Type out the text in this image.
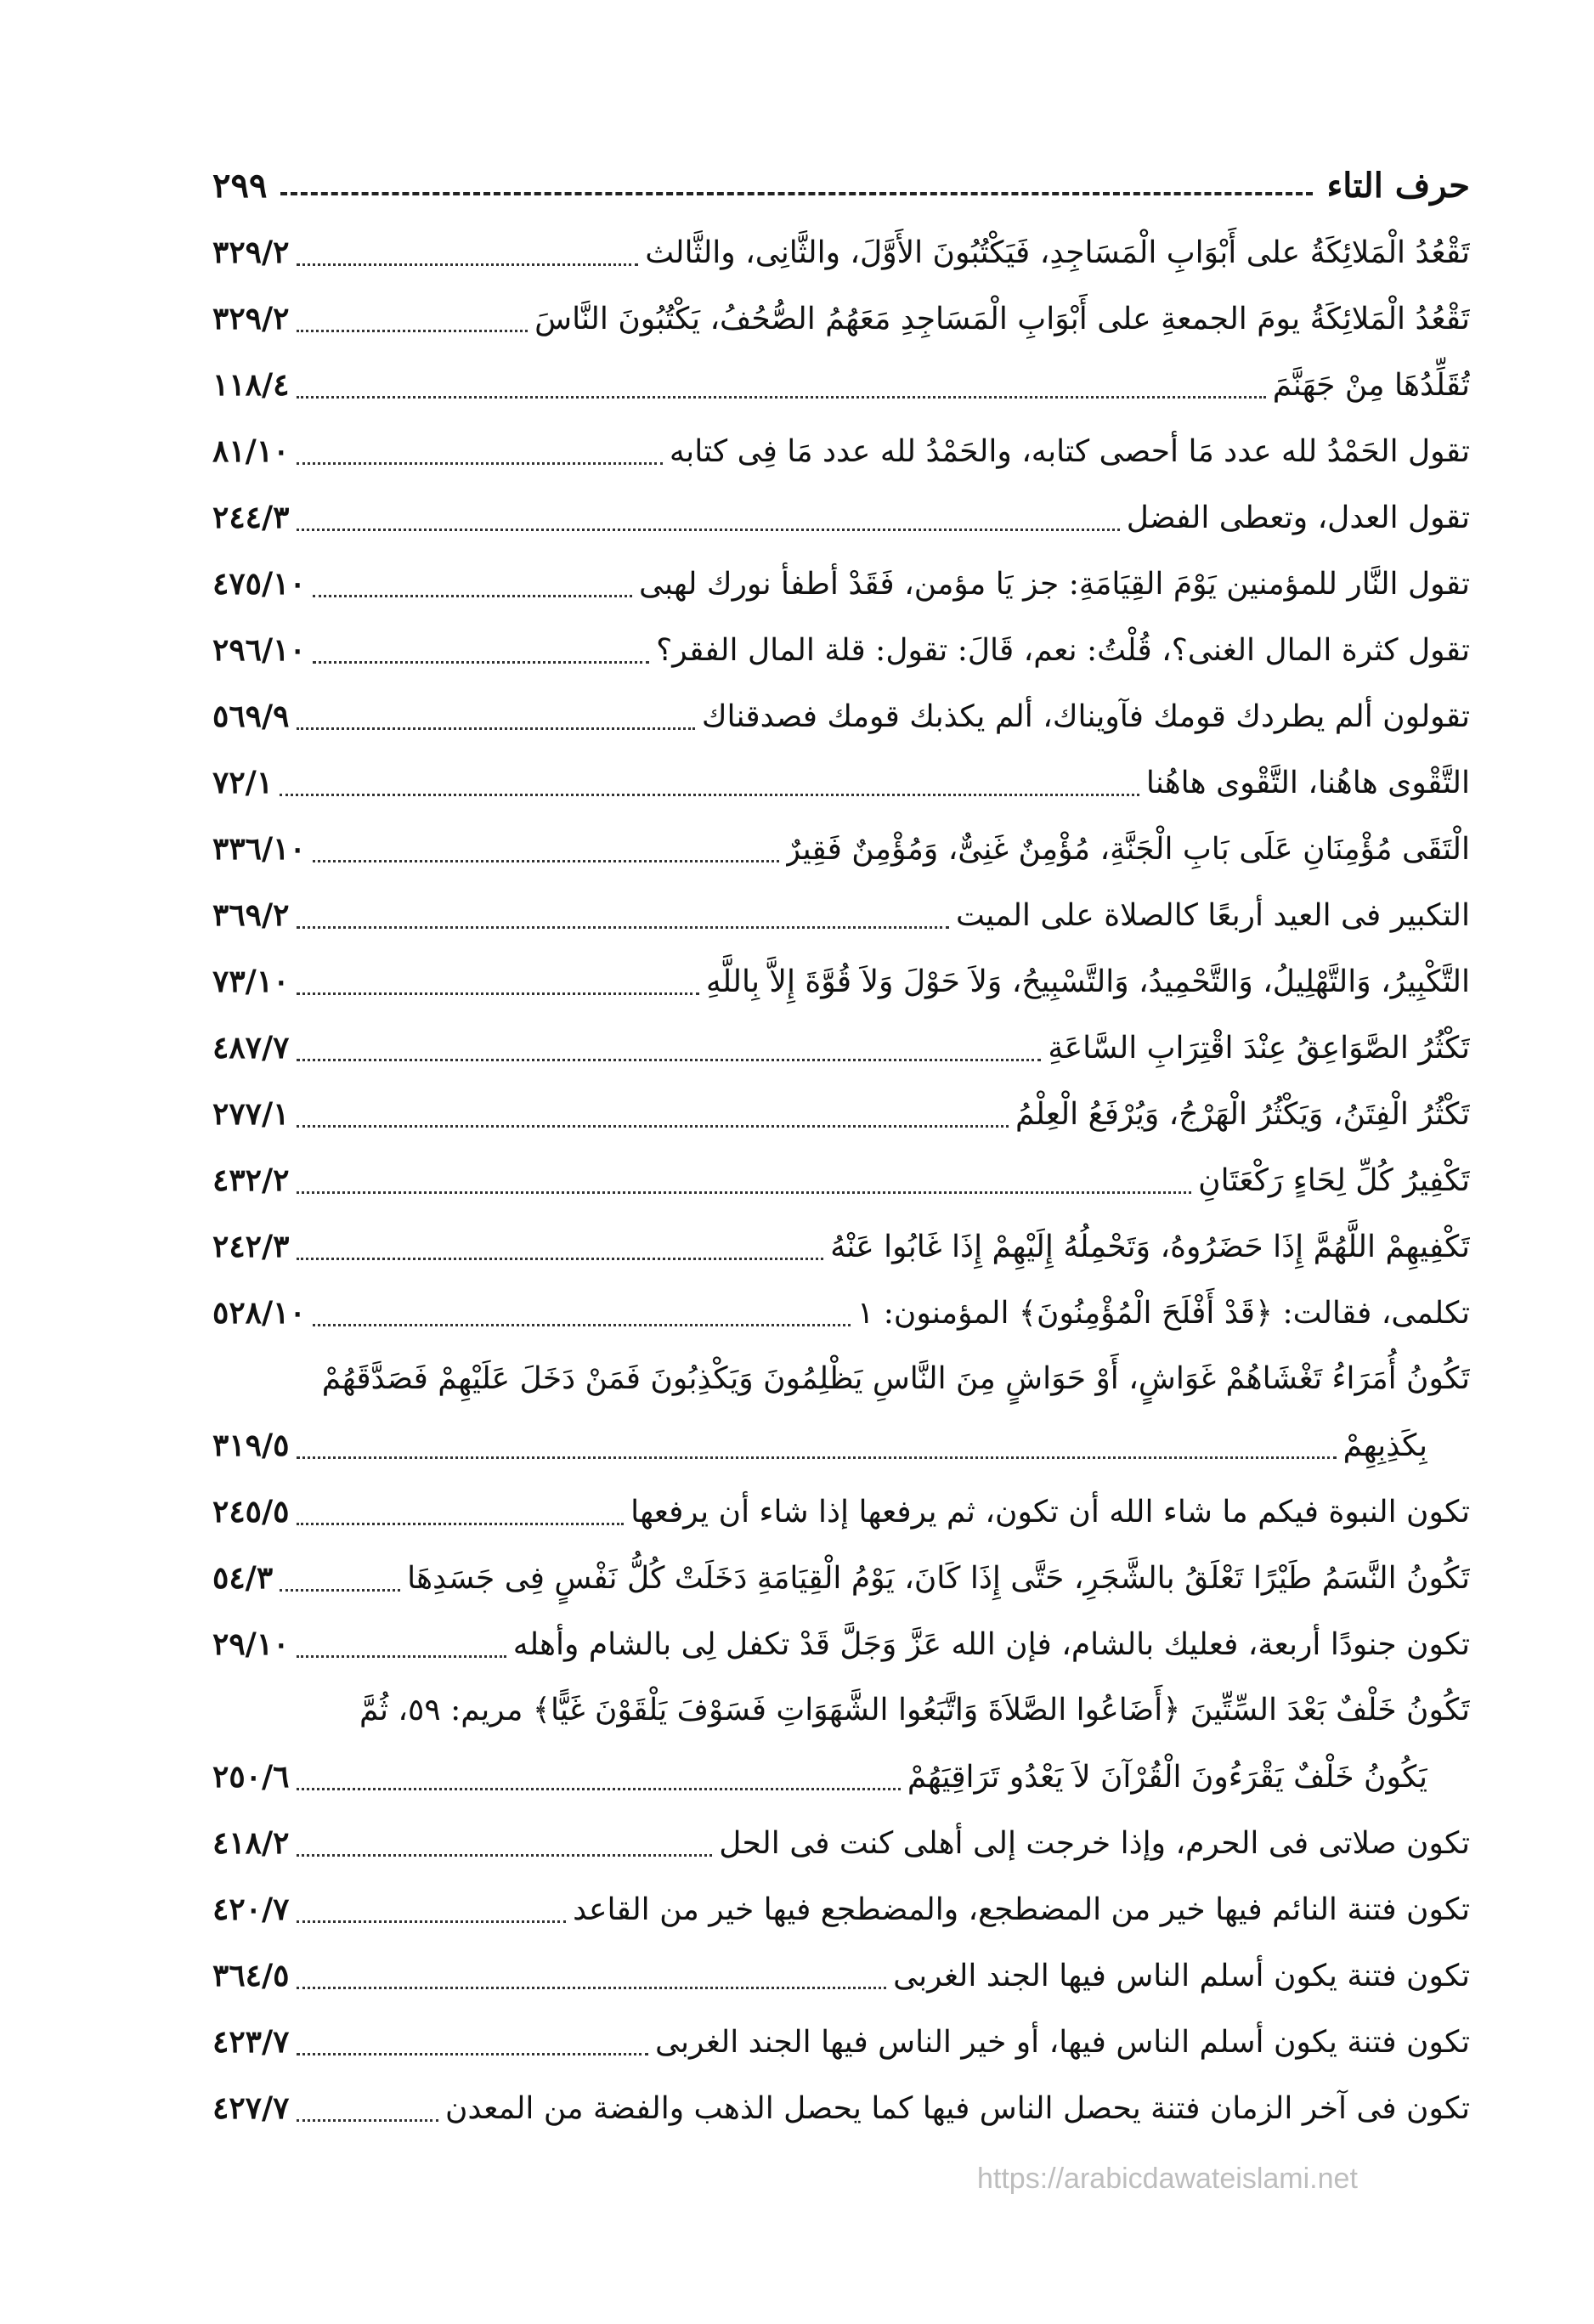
حرف التاء
٢٩٩
تَقْعُدُ الْمَلائِكَةُ على أَبْوَابِ الْمَسَاجِدِ، فَيَكْتُبُونَ الأَوَّلَ، والثَّانِى، والثَّالث
٣٢٩/٢
تَقْعُدُ الْمَلائِكَةُ يومَ الجمعةِ على أَبْوَابِ الْمَسَاجِدِ مَعَهُمُ الصُّحُفُ، يَكْتُبُونَ النَّاسَ
٣٢٩/٢
تُقَلِّدُهَا مِنْ جَهَنَّمَ
١١٨/٤
تقول الحَمْدُ لله عدد مَا أحصى كتابه، والحَمْدُ لله عدد مَا فِى كتابه
٨١/١٠
تقول العدل، وتعطى الفضل
٢٤٤/٣
تقول النَّار للمؤمنين يَوْمَ القِيَامَةِ: جز يَا مؤمن، فَقَدْ أطفأ نورك لهبى
٤٧٥/١٠
تقول كثرة المال الغنى؟، قُلْتُ: نعم، قَالَ: تقول: قلة المال الفقر؟
٢٩٦/١٠
تقولون ألم يطردك قومك فآويناك، ألم يكذبك قومك فصدقناك
٥٦٩/٩
التَّقْوى هاهُنا، التَّقْوى هاهُنا
٧٢/١
الْتَقَى مُؤْمِنَانِ عَلَى بَابِ الْجَنَّةِ، مُؤْمِنٌ غَنِىٌّ، وَمُؤْمِنٌ فَقِيرٌ
٣٣٦/١٠
التكبير فى العيد أربعًا كالصلاة على الميت
٣٦٩/٢
التَّكْبِيرُ، وَالتَّهْلِيلُ، وَالتَّحْمِيدُ، وَالتَّسْبِيحُ، وَلاَ حَوْلَ وَلاَ قُوَّةَ إِلاَّ بِاللَّهِ
٧٣/١٠
تَكْثُرُ الصَّوَاعِقُ عِنْدَ اقْتِرَابِ السَّاعَةِ
٤٨٧/٧
تَكْثُرُ الْفِتَنُ، وَيَكْثُرُ الْهَرْجُ، وَيُرْفَعُ الْعِلْمُ
٢٧٧/١
تَكْفِيرُ كُلِّ لِحَاءٍ رَكْعَتَانِ
٤٣٢/٢
تَكْفِيهِمْ اللَّهُمَّ إِذَا حَضَرُوهُ، وَتَحْمِلُهُ إِلَيْهِمْ إِذَا غَابُوا عَنْهُ
٢٤٢/٣
تكلمى، فقالت: ﴿قَدْ أَفْلَحَ الْمُؤْمِنُونَ﴾ المؤمنون: ١
٥٢٨/١٠
تَكُونُ أُمَرَاءُ تَغْشَاهُمْ غَوَاشٍ، أَوْ حَوَاشٍ مِنَ النَّاسِ يَظْلِمُونَ وَيَكْذِبُونَ فَمَنْ دَخَلَ عَلَيْهِمْ فَصَدَّقَهُمْ
بِكَذِبِهِمْ
٣١٩/٥
تكون النبوة فيكم ما شاء الله أن تكون، ثم يرفعها إذا شاء أن يرفعها
٢٤٥/٥
تَكُونُ النَّسَمُ طَيْرًا تَعْلَقُ بالشَّجَرِ، حَتَّى إِذَا كَانَ، يَوْمُ الْقِيَامَةِ دَخَلَتْ كُلُّ نَفْسٍ فِى جَسَدِهَا
٥٤/٣
تكون جنودًا أربعة، فعليك بالشام، فإن الله عَزَّ وَجَلَّ قَدْ تكفل لِى بالشام وأهله
٢٩/١٠
تَكُونُ خَلْفٌ بَعْدَ السِّتِّينَ ﴿أَضَاعُوا الصَّلاَةَ وَاتَّبَعُوا الشَّهَوَاتِ فَسَوْفَ يَلْقَوْنَ غَيًّا﴾ مريم: ٥٩، ثُمَّ
يَكُونُ خَلْفٌ يَقْرَءُونَ الْقُرْآنَ لاَ يَعْدُو تَرَاقِيَهُمْ
٢٥٠/٦
تكون صلاتى فى الحرم، وإذا خرجت إلى أهلى كنت فى الحل
٤١٨/٢
تكون فتنة النائم فيها خير من المضطجع، والمضطجع فيها خير من القاعد
٤٢٠/٧
تكون فتنة يكون أسلم الناس فيها الجند الغربى
٣٦٤/٥
تكون فتنة يكون أسلم الناس فيها، أو خير الناس فيها الجند الغربى
٤٢٣/٧
تكون فى آخر الزمان فتنة يحصل الناس فيها كما يحصل الذهب والفضة من المعدن
٤٢٧/٧
https://arabicdawateislami.net
